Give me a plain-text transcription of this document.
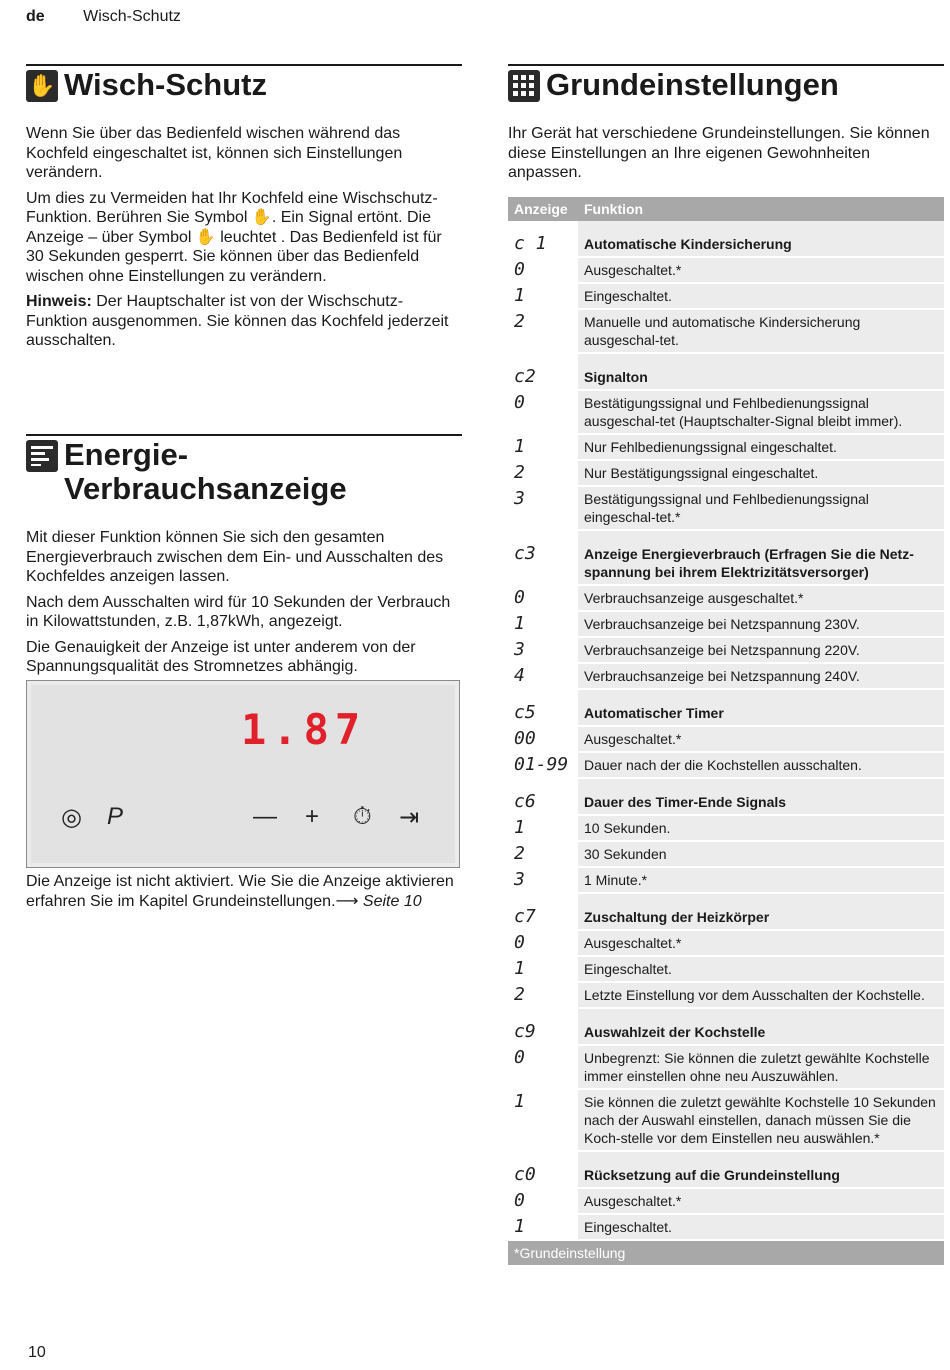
de Wisch-Schutz
✋ Wisch-Schutz

Wenn Sie über das Bedienfeld wischen während das Kochfeld eingeschaltet ist, können sich Einstellungen verändern.

Um dies zu Vermeiden hat Ihr Kochfeld eine Wischschutz-Funktion. Berühren Sie Symbol ✋. Ein Signal ertönt. Die Anzeige – über Symbol ✋ leuchtet . Das Bedienfeld ist für 30 Sekunden gesperrt. Sie können über das Bedienfeld wischen ohne Einstellungen zu verändern.

Hinweis: Der Hauptschalter ist von der Wischschutz-Funktion ausgenommen. Sie können das Kochfeld jederzeit ausschalten.

Energie-
Verbrauchsanzeige

Mit dieser Funktion können Sie sich den gesamten Energieverbrauch zwischen dem Ein- und Ausschalten des Kochfeldes anzeigen lassen.

Nach dem Ausschalten wird für 10 Sekunden der Verbrauch in Kilowattstunden, z.B. 1,87kWh, angezeigt.

Die Genauigkeit der Anzeige ist unter anderem von der Spannungsqualität des Stromnetzes abhängig.

1.87
◎ P	— + ⏱ ⇥

Die Anzeige ist nicht aktiviert. Wie Sie die Anzeige aktivieren erfahren Sie im Kapitel Grundeinstellungen.⟶ Seite 10

Grundeinstellungen

Ihr Gerät hat verschiedene Grundeinstellungen. Sie können diese Einstellungen an Ihre eigenen Gewohnheiten anpassen.

Anzeige	Funktion
c 1	Automatische Kindersicherung
0	Ausgeschaltet.*
1	Eingeschaltet.
2	Manuelle und automatische Kindersicherung ausgeschal-tet.
c2	Signalton
0	Bestätigungssignal und Fehlbedienungssignal ausgeschal-tet (Hauptschalter-Signal bleibt immer).
1	Nur Fehlbedienungssignal eingeschaltet.
2	Nur Bestätigungssignal eingeschaltet.
3	Bestätigungssignal und Fehlbedienungssignal eingeschal-tet.*
c3	Anzeige Energieverbrauch (Erfragen Sie die Netz-spannung bei ihrem Elektrizitätsversorger)
0	Verbrauchsanzeige ausgeschaltet.*
1	Verbrauchsanzeige bei Netzspannung 230V.
3	Verbrauchsanzeige bei Netzspannung 220V.
4	Verbrauchsanzeige bei Netzspannung 240V.
c5	Automatischer Timer
00	Ausgeschaltet.*
01-99	Dauer nach der die Kochstellen ausschalten.
c6	Dauer des Timer-Ende Signals
1	10 Sekunden.
2	30 Sekunden
3	1 Minute.*
c7	Zuschaltung der Heizkörper
0	Ausgeschaltet.*
1	Eingeschaltet.
2	Letzte Einstellung vor dem Ausschalten der Kochstelle.
c9	Auswahlzeit der Kochstelle
0	Unbegrenzt: Sie können die zuletzt gewählte Kochstelle immer einstellen ohne neu Auszuwählen.
1	Sie können die zuletzt gewählte Kochstelle 10 Sekunden nach der Auswahl einstellen, danach müssen Sie die Koch-stelle vor dem Einstellen neu auswählen.*
c0	Rücksetzung auf die Grundeinstellung
0	Ausgeschaltet.*
1	Eingeschaltet.
*Grundeinstellung	
10
